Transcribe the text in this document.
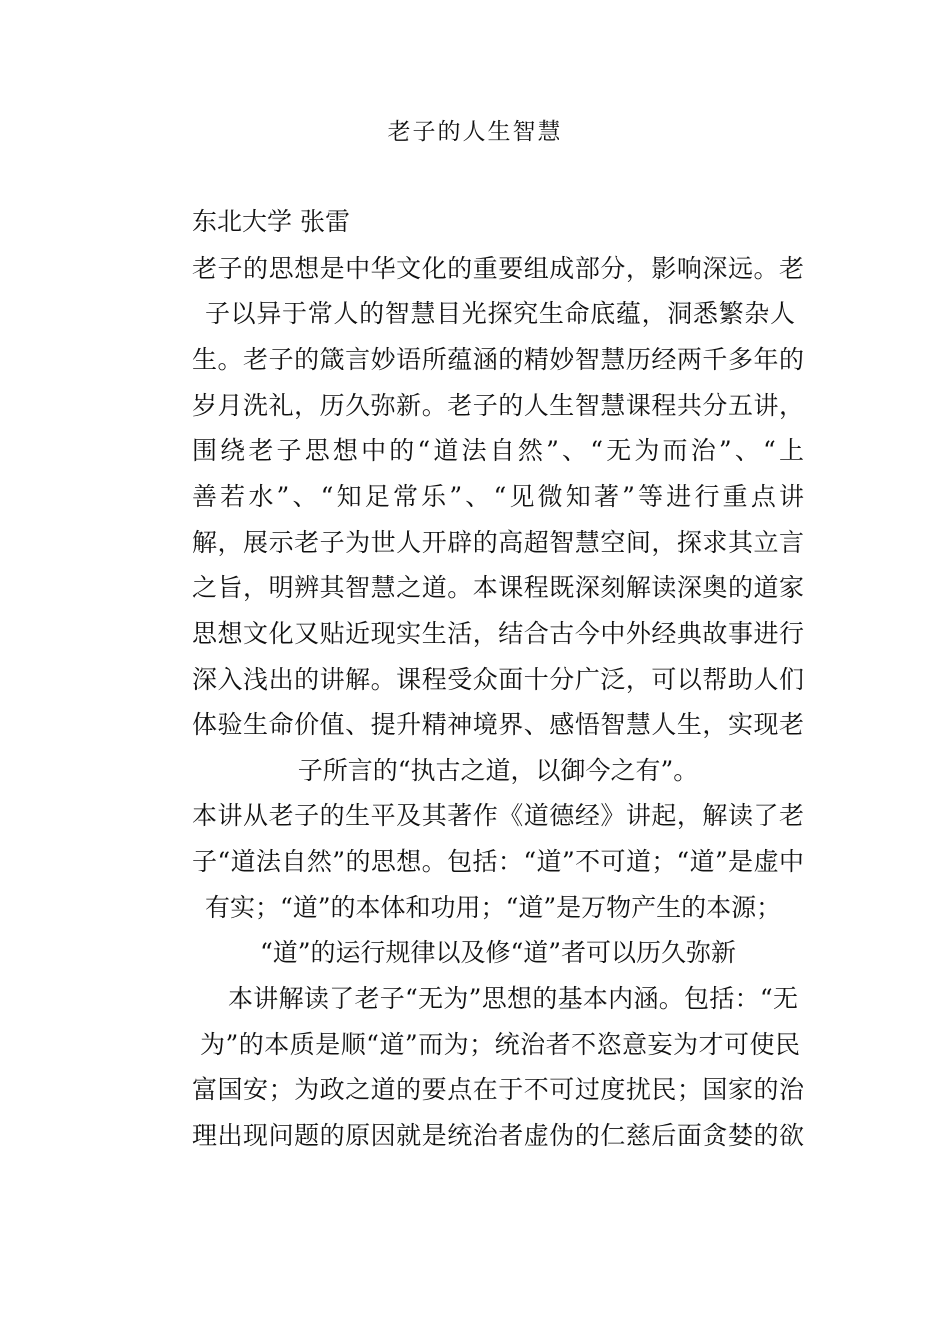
老子的人生智慧
东北大学 张雷
老子的思想是中华文化的重要组成部分，影响深远。老
子以异于常人的智慧目光探究生命底蕴，洞悉繁杂人
生。老子的箴言妙语所蕴涵的精妙智慧历经两千多年的
岁月洗礼，历久弥新。老子的人生智慧课程共分五讲，
围绕老子思想中的“道法自然”、“无为而治”、“上
善若水”、“知足常乐”、“见微知著”等进行重点讲
解，展示老子为世人开辟的高超智慧空间，探求其立言
之旨，明辨其智慧之道。本课程既深刻解读深奥的道家
思想文化又贴近现实生活，结合古今中外经典故事进行
深入浅出的讲解。课程受众面十分广泛，可以帮助人们
体验生命价值、提升精神境界、感悟智慧人生，实现老
子所言的“执古之道，以御今之有”。
本讲从老子的生平及其著作《道德经》讲起，解读了老
子“道法自然”的思想。包括：“道”不可道；“道”是虚中
有实；“道”的本体和功用；“道”是万物产生的本源；
“道”的运行规律以及修“道”者可以历久弥新
本讲解读了老子“无为”思想的基本内涵。包括：“无
为”的本质是顺“道”而为；统治者不恣意妄为才可使民
富国安；为政之道的要点在于不可过度扰民；国家的治
理出现问题的原因就是统治者虚伪的仁慈后面贪婪的欲
